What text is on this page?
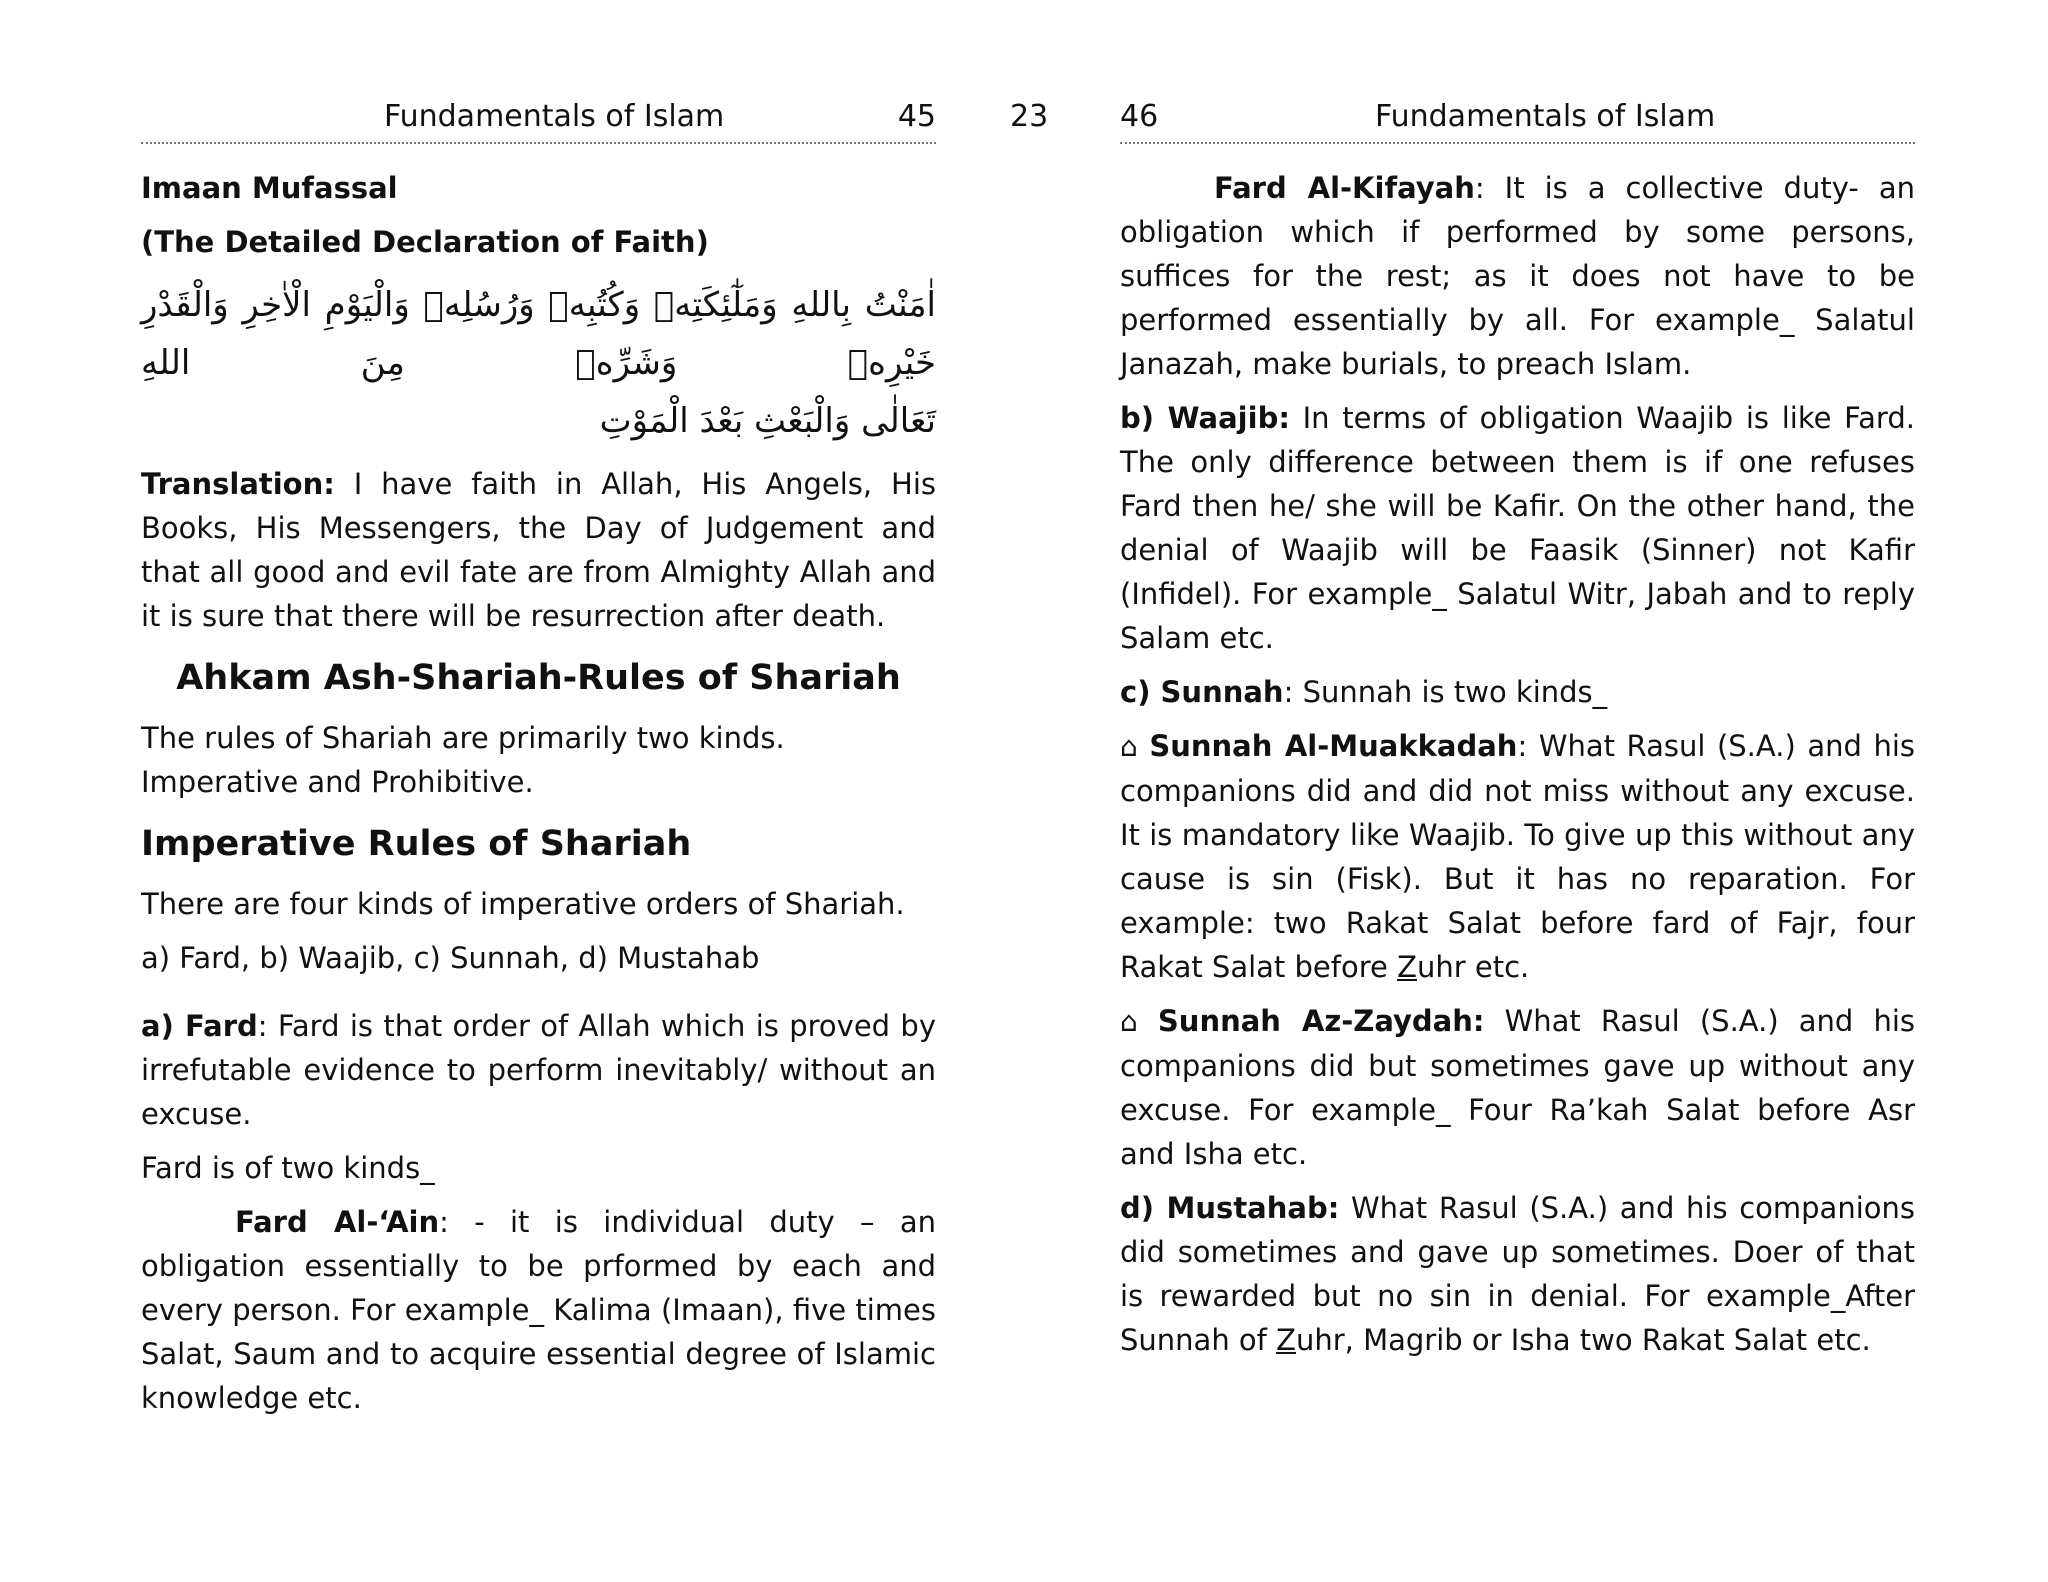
Fundamentals of Islam	45

Imaan Mufassal

(The Detailed Declaration of Faith)

اٰمَنْتُ بِاللهِ وَمَلٰٓئِكَتِهٖ وَكُتُبِهٖ وَرُسُلِهٖ وَالْيَوْمِ الْاٰخِرِ وَالْقَدْرِ خَيْرِهٖ وَشَرِّهٖ مِنَ اللهِ
تَعَالٰى وَالْبَعْثِ بَعْدَ الْمَوْتِ

Translation: I have faith in Allah, His Angels, His Books, His Messengers, the Day of Judgement and that all good and evil fate are from Almighty Allah and it is sure that there will be resurrection after death.

Ahkam Ash-Shariah-Rules of Shariah

The rules of Shariah are primarily two kinds.

Imperative and Prohibitive.

Imperative Rules of Shariah

There are four kinds of imperative orders of Shariah.

a) Fard, b) Waajib, c) Sunnah, d) Mustahab

a) Fard: Fard is that order of Allah which is proved by irrefutable evidence to perform inevitably/ without an excuse.

Fard is of two kinds_

Fard Al-‘Ain: - it is individual duty – an obligation essentially to be prformed by each and every person. For example_ Kalima (Imaan), five times Salat, Saum and to acquire essential degree of Islamic knowledge etc.

23 46	Fundamentals of Islam

Fard Al-Kifayah: It is a collective duty- an obligation which if performed by some persons, suffices for the rest; as it does not have to be performed essentially by all. For example_ Salatul Janazah, make burials, to preach Islam.

b) Waajib: In terms of obligation Waajib is like Fard. The only difference between them is if one refuses Fard then he/ she will be Kafir. On the other hand, the denial of Waajib will be Faasik (Sinner) not Kafir (Infidel). For example_ Salatul Witr, Jabah and to reply Salam etc.

c) Sunnah: Sunnah is two kinds_

⌂ Sunnah Al-Muakkadah: What Rasul (S.A.) and his companions did and did not miss without any excuse. It is mandatory like Waajib. To give up this without any cause is sin (Fisk). But it has no reparation. For example: two Rakat Salat before fard of Fajr, four Rakat Salat before Zuhr etc.

⌂ Sunnah Az-Zaydah: What Rasul (S.A.) and his companions did but sometimes gave up without any excuse. For example_ Four Ra’kah Salat before Asr and Isha etc.

d) Mustahab: What Rasul (S.A.) and his companions did sometimes and gave up sometimes. Doer of that is rewarded but no sin in denial. For example_After Sunnah of Zuhr, Magrib or Isha two Rakat Salat etc.
